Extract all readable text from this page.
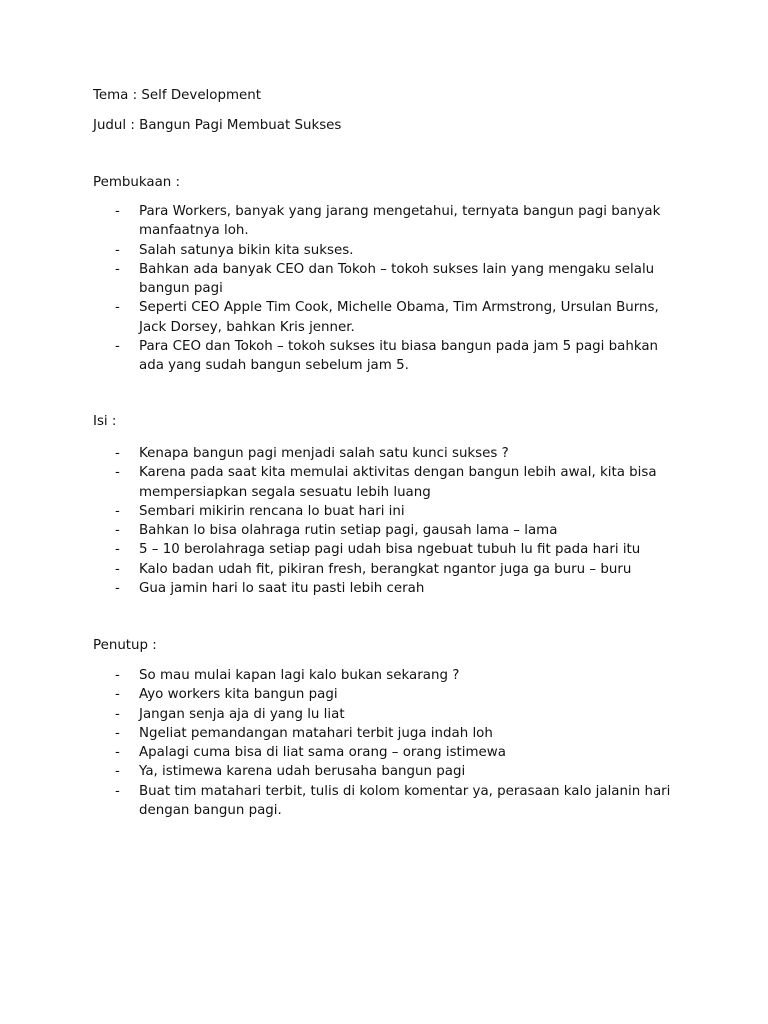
Tema : Self Development
Judul : Bangun Pagi Membuat Sukses
Pembukaan :
- Para Workers, banyak yang jarang mengetahui, ternyata bangun pagi banyak manfaatnya loh.
- Salah satunya bikin kita sukses.
- Bahkan ada banyak CEO dan Tokoh – tokoh sukses lain yang mengaku selalu bangun pagi
- Seperti CEO Apple Tim Cook, Michelle Obama, Tim Armstrong, Ursulan Burns, Jack Dorsey, bahkan Kris jenner.
- Para CEO dan Tokoh – tokoh sukses itu biasa bangun pada jam 5 pagi bahkan ada yang sudah bangun sebelum jam 5.
Isi :
- Kenapa bangun pagi menjadi salah satu kunci sukses ?
- Karena pada saat kita memulai aktivitas dengan bangun lebih awal, kita bisa mempersiapkan segala sesuatu lebih luang
- Sembari mikirin rencana lo buat hari ini
- Bahkan lo bisa olahraga rutin setiap pagi, gausah lama – lama
- 5 – 10 berolahraga setiap pagi udah bisa ngebuat tubuh lu fit pada hari itu
- Kalo badan udah fit, pikiran fresh, berangkat ngantor juga ga buru – buru
- Gua jamin hari lo saat itu pasti lebih cerah
Penutup :
- So mau mulai kapan lagi kalo bukan sekarang ?
- Ayo workers kita bangun pagi
- Jangan senja aja di yang lu liat
- Ngeliat pemandangan matahari terbit juga indah loh
- Apalagi cuma bisa di liat sama orang – orang istimewa
- Ya, istimewa karena udah berusaha bangun pagi
- Buat tim matahari terbit, tulis di kolom komentar ya, perasaan kalo jalanin hari dengan bangun pagi.
